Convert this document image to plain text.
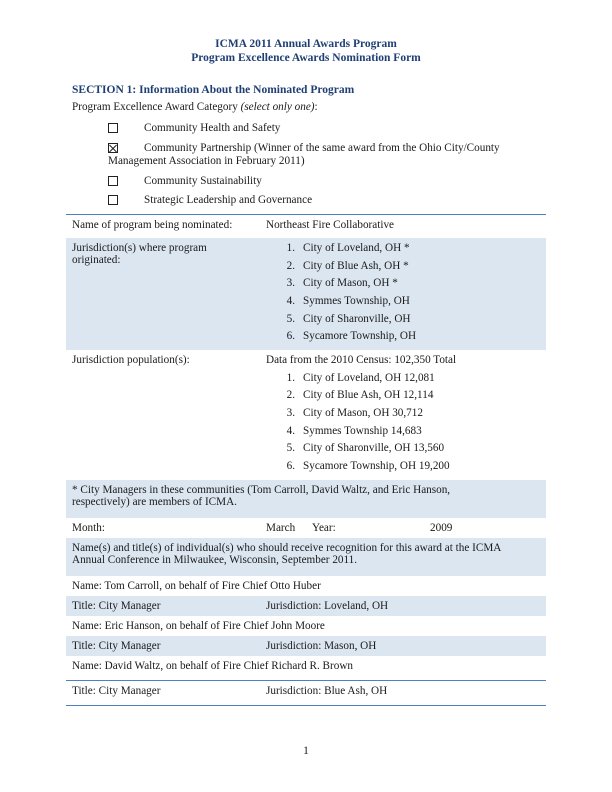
ICMA 2011 Annual Awards Program
Program Excellence Awards Nomination Form
SECTION 1: Information About the Nominated Program
Program Excellence Award Category (select only one):
Community Health and Safety
Community Partnership (Winner of the same award from the Ohio City/County
Management Association in February 2011)
Community Sustainability
Strategic Leadership and Governance
Name of program being nominated:	Northeast Fire Collaborative
Jurisdiction(s) where program
originated:
1. City of Loveland, OH *
2. City of Blue Ash, OH *
3. City of Mason, OH *
4. Symmes Township, OH
5. City of Sharonville, OH
6. Sycamore Township, OH
Jurisdiction population(s):	Data from the 2010 Census: 102,350 Total
1. City of Loveland, OH 12,081
2. City of Blue Ash, OH 12,114
3. City of Mason, OH 30,712
4. Symmes Township 14,683
5. City of Sharonville, OH 13,560
6. Sycamore Township, OH 19,200
* City Managers in these communities (Tom Carroll, David Waltz, and Eric Hanson,
respectively) are members of ICMA.
Month:	March	Year:	2009
Name(s) and title(s) of individual(s) who should receive recognition for this award at the ICMA
Annual Conference in Milwaukee, Wisconsin, September 2011.
Name: Tom Carroll, on behalf of Fire Chief Otto Huber
Title: City Manager	Jurisdiction: Loveland, OH
Name: Eric Hanson, on behalf of Fire Chief John Moore
Title: City Manager	Jurisdiction: Mason, OH
Name: David Waltz, on behalf of Fire Chief Richard R. Brown
Title: City Manager	Jurisdiction: Blue Ash, OH
1
